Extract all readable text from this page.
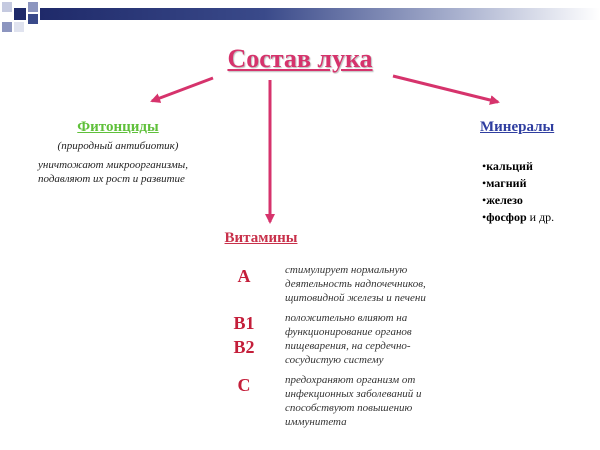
Состав лука
Фитонциды
(природный антибиотик)
уничтожают микроорганизмы, подавляют их рост и развитие
Минералы
•кальций
•магний
•железо
•фосфор и др.
Витамины
A	стимулирует нормальную деятельность надпочечников, щитовидной железы и печени
B1
B2
положительно влияют на функционирование органов пищеварения, на сердечно-сосудистую систему
C	предохраняют организм от инфекционных заболеваний и способствуют повышению иммунитета
